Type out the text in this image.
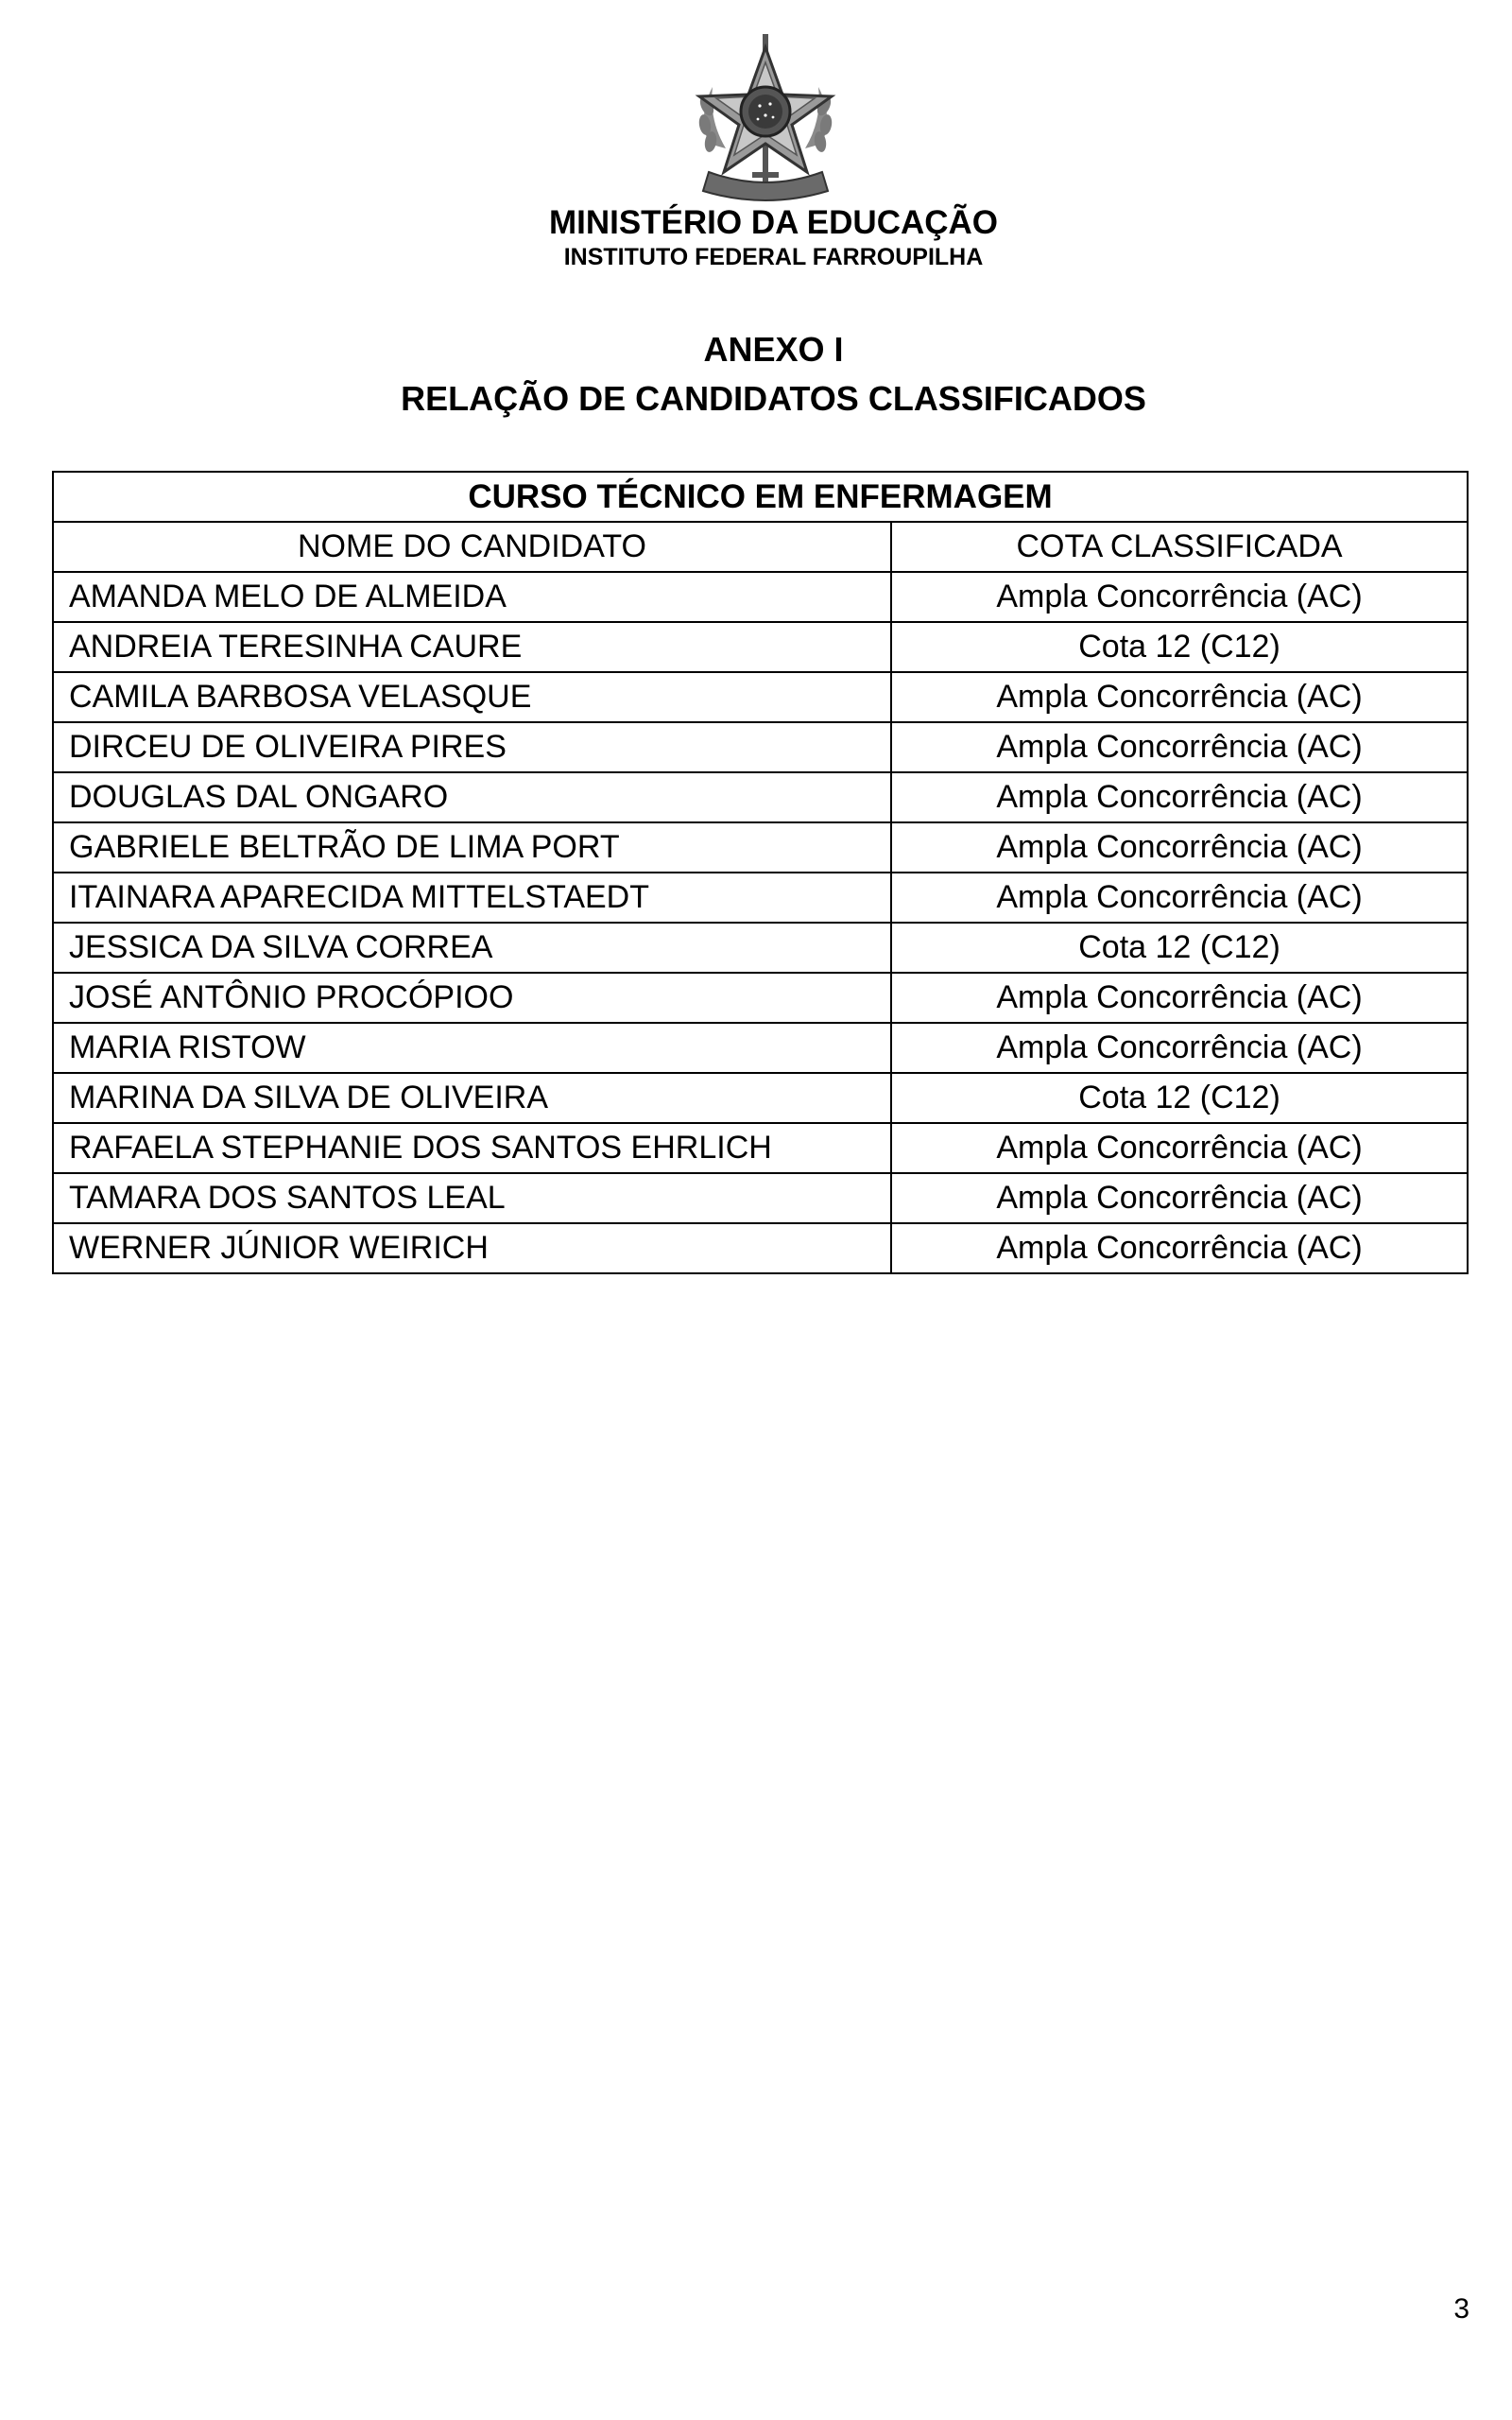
MINISTÉRIO DA EDUCAÇÃO
INSTITUTO FEDERAL FARROUPILHA
ANEXO I
RELAÇÃO DE CANDIDATOS CLASSIFICADOS
CURSO TÉCNICO EM ENFERMAGEM	
NOME DO CANDIDATO	COTA CLASSIFICADA
AMANDA MELO DE ALMEIDA	Ampla Concorrência (AC)
ANDREIA TERESINHA CAURE	Cota 12 (C12)
CAMILA BARBOSA VELASQUE	Ampla Concorrência (AC)
DIRCEU DE OLIVEIRA PIRES	Ampla Concorrência (AC)
DOUGLAS DAL ONGARO	Ampla Concorrência (AC)
GABRIELE BELTRÃO DE LIMA PORT	Ampla Concorrência (AC)
ITAINARA APARECIDA MITTELSTAEDT	Ampla Concorrência (AC)
JESSICA DA SILVA CORREA	Cota 12 (C12)
JOSÉ ANTÔNIO PROCÓPIOO	Ampla Concorrência (AC)
MARIA RISTOW	Ampla Concorrência (AC)
MARINA DA SILVA DE OLIVEIRA	Cota 12 (C12)
RAFAELA STEPHANIE DOS SANTOS EHRLICH	Ampla Concorrência (AC)
TAMARA DOS SANTOS LEAL	Ampla Concorrência (AC)
WERNER JÚNIOR WEIRICH	Ampla Concorrência (AC)
3
